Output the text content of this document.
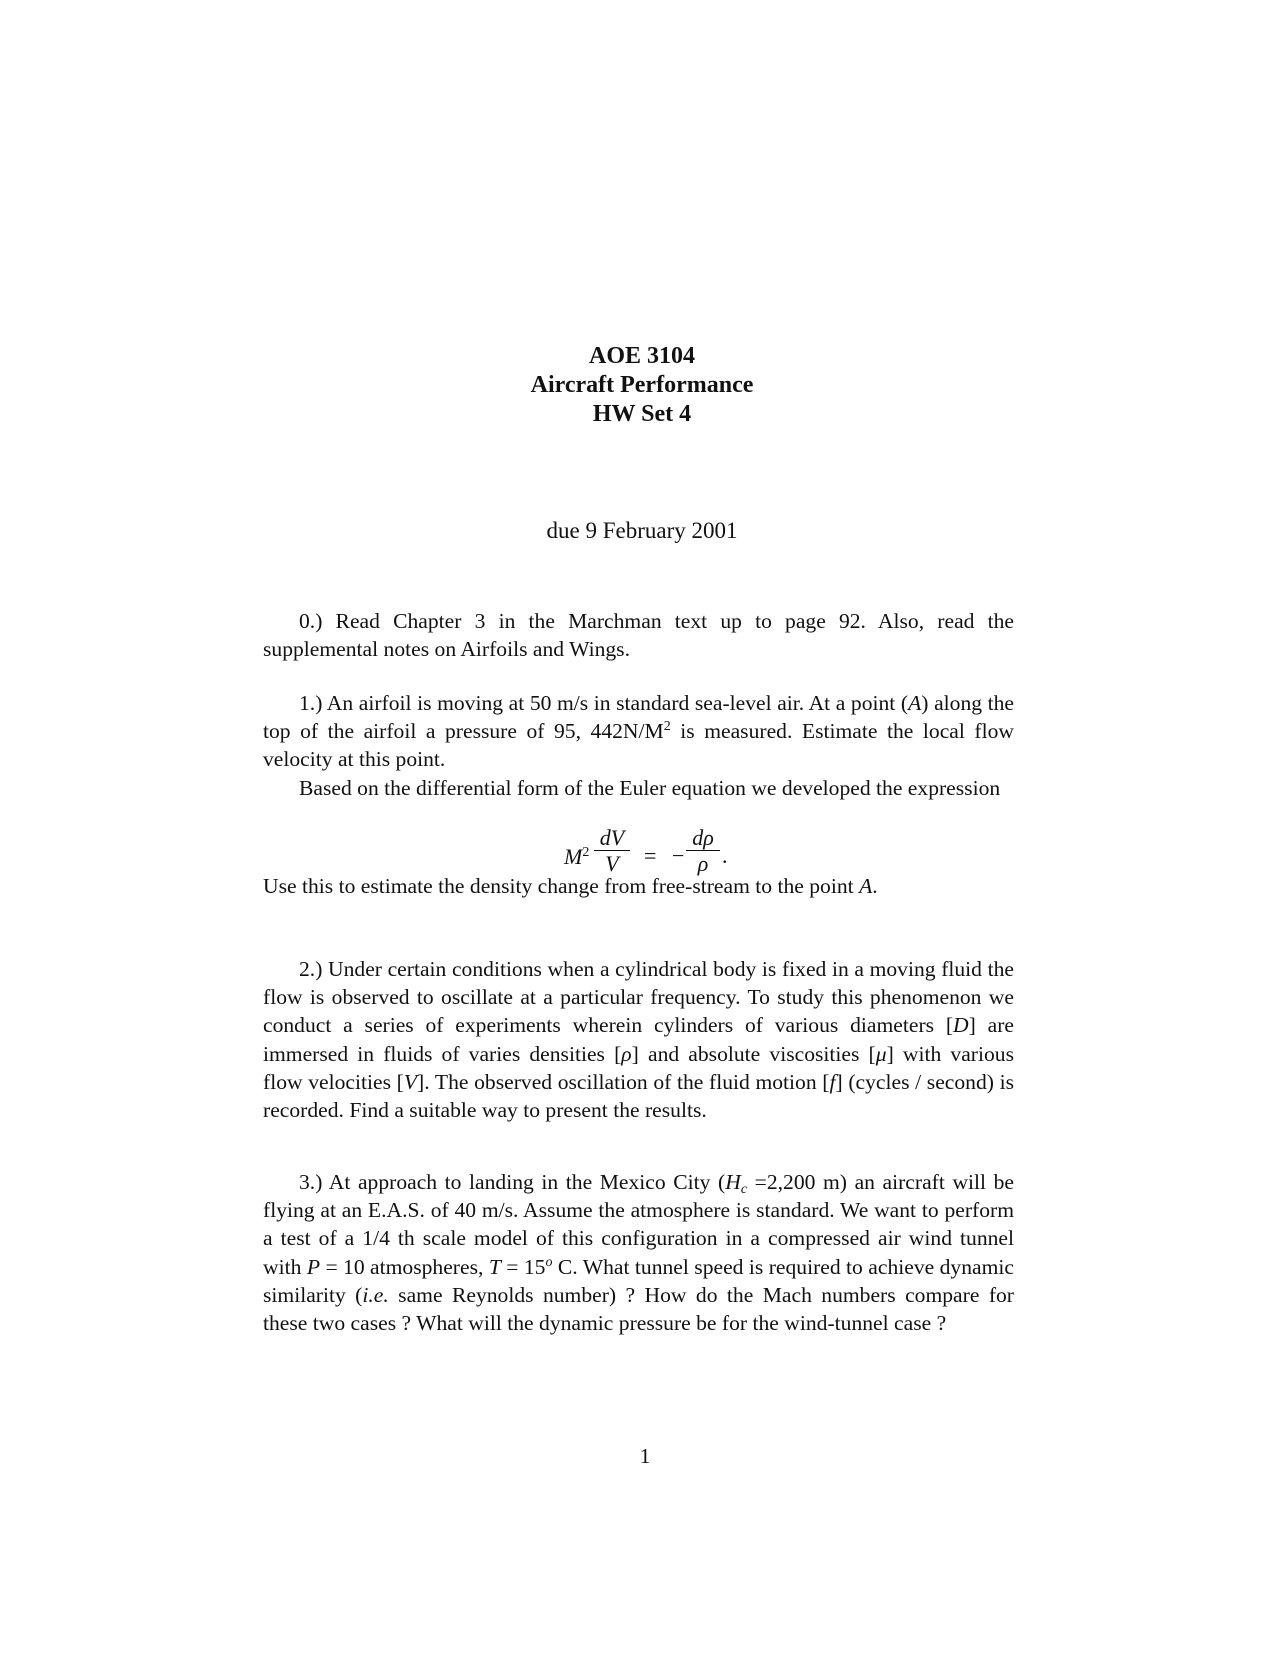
AOE 3104
Aircraft Performance
HW Set 4
due 9 February 2001

0.) Read Chapter 3 in the Marchman text up to page 92. Also, read the supplemental notes on Airfoils and Wings.

1.) An airfoil is moving at 50 m/s in standard sea-level air. At a point (A) along the top of the airfoil a pressure of 95, $442N/M^2$ is measured. Estimate the local flow velocity at this point.

Based on the differential form of the Euler equation we developed the expression

Use this to estimate the density change from free-stream to the point A.

$M^2 \frac{dV}{V}$ = − $\frac{d\rho}{\rho}$ .

2.) Under certain conditions when a cylindrical body is fixed in a moving fluid the flow is observed to oscillate at a particular frequency. To study this phenomenon we conduct a series of experiments wherein cylinders of various diameters [D] are immersed in fluids of varies densities [ρ] and absolute viscosities [μ] with various flow velocities [V]. The observed oscillation of the fluid motion [f] (cycles / second) is recorded. Find a suitable way to present the results.

3.) At approach to landing in the Mexico City ($H_c =2,200$ m) an aircraft will be flying at an E.A.S. of 40 m/s. Assume the atmosphere is standard. We want to perform a test of a 1/4 th scale model of this configuration in a compressed air wind tunnel with P = 10 atmospheres, $T = 15^o$ C. What tunnel speed is required to achieve dynamic similarity (i.e. same Reynolds number) ? How do the Mach numbers compare for these two cases ? What will the dynamic pressure be for the wind-tunnel case ?

1
